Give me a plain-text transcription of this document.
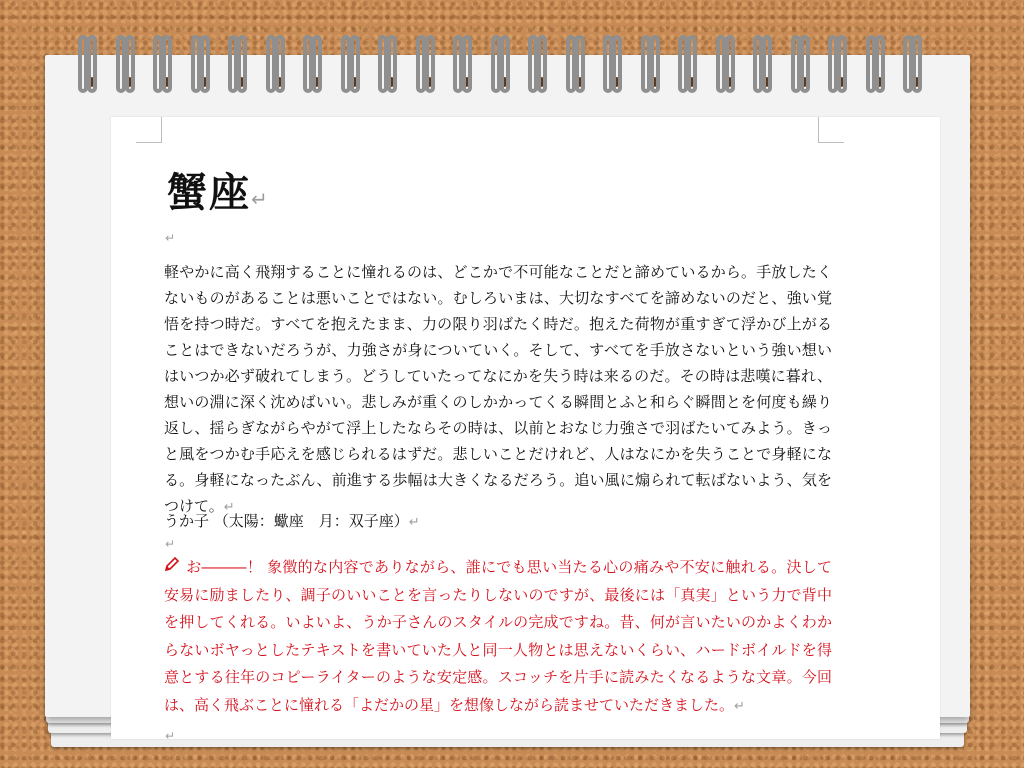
蟹座↵
↵
軽やかに高く飛翔することに憧れるのは、どこかで不可能なことだと諦めているから。手放したくないものがあることは悪いことではない。むしろいまは、大切なすべてを諦めないのだと、強い覚悟を持つ時だ。すべてを抱えたまま、力の限り羽ばたく時だ。抱えた荷物が重すぎて浮かび上がることはできないだろうが、力強さが身についていく。そして、すべてを手放さないという強い想いはいつか必ず破れてしまう。どうしていたってなにかを失う時は来るのだ。その時は悲嘆に暮れ、想いの淵に深く沈めばいい。悲しみが重くのしかかってくる瞬間とふと和らぐ瞬間とを何度も繰り返し、揺らぎながらやがて浮上したならその時は、以前とおなじ力強さで羽ばたいてみよう。きっと風をつかむ手応えを感じられるはずだ。悲しいことだけれど、人はなにかを失うことで身軽になる。身軽になったぶん、前進する歩幅は大きくなるだろう。追い風に煽られて転ばないよう、気をつけて。↵
うか子 （太陽：蠍座　月：双子座）↵
↵
お―――！ 象徴的な内容でありながら、誰にでも思い当たる心の痛みや不安に触れる。決して安易に励ましたり、調子のいいことを言ったりしないのですが、最後には「真実」という力で背中を押してくれる。いよいよ、うか子さんのスタイルの完成ですね。昔、何が言いたいのかよくわからないボヤっとしたテキストを書いていた人と同一人物とは思えないくらい、ハードボイルドを得意とする往年のコピーライターのような安定感。スコッチを片手に読みたくなるような文章。今回は、高く飛ぶことに憧れる「よだかの星」を想像しながら読ませていただきました。↵
↵
